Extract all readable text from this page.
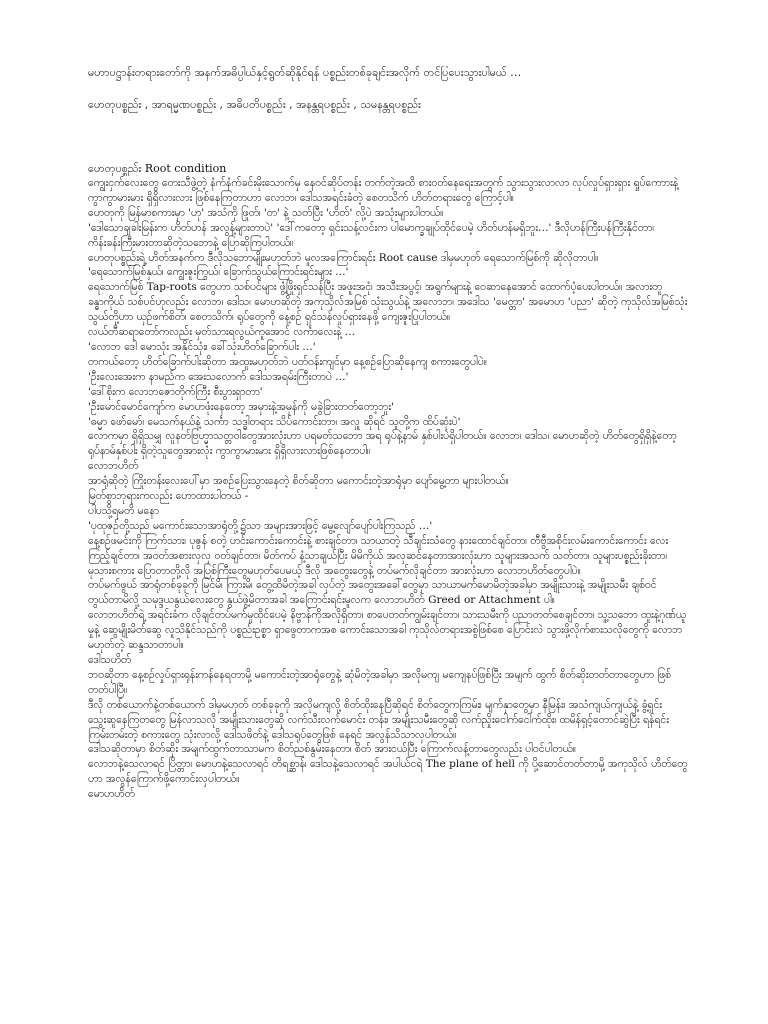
မဟာပဋ္ဌာန်းတရားတော်ကို အနက်အဓိပ္ပါယ်နှင့်ရွတ်ဆိုနိုင်ရန် ပစ္စည်းတစ်ခုချင်းအလိုက် တင်ပြပေးသွားပါမယ် …
ဟေတုပစ္စည်း , အာရမ္မဏပစ္စည်း , အဓိပတိပစ္စည်း , အနန္တရပစ္စည်း , သမနန္တရပစ္စည်း
ဟေတုပစ္စည်း Root condition
ကျွေးငှက်လေးတွေ တေးသီဖွဲ့တဲ့ နံက်နံက်ခင်းမိုးသောက်မှ နေဝင်ဆိုပ်တန်း တက်တဲ့အထိ စားဝတ်နေရေးအတွက် သွားသွားလာလာ လုပ်လှုပ်ရှားရှား ရှုပ်ကောားနဲ့ ကွာကွာမားမား ရှိရှိလားလား ဖြစ်နေကြတာဟာ လောဘ၊ ဒေါသအရင်းခံတဲ့ စေတသိက် ဟိတ်တရားတွေ ကြောင့်ပါ။
ဟေတုကို မြန်မာစကားမှာ 'ဟု' အသံကို ဖြုတ်၊ 'တ' နဲ့ သတ်ပြီး 'ဟိတ်' လို့ပဲ အသုံးများပါတယ်။
'ဒေါသောချခါးမြန်းက ဟိတ်ဟန် အလွန့်များတာပဲ' 'ဒေါ်ကတော့ ရှင်းသန့်လင်းက ပါမောက္ခချုပ်ထိုင်ပေမဲ့ ဟိတ်ဟန်မရှိဘူး…' ဒီလိုဟန်ကြီးပန်ကြီးနိုင်တာ၊ ကိန်းခန်းကြီးမားတာဆိုတဲ့သဘောနဲ့ ပြောဆိုကြပါတယ်။
ဟေတုပစ္စည်းရဲ့ ဟိတ်အနက်က ဒီလိုသဘောမျိုးမဟုတ်ဘဲ မူလအကြောင်းရင်း Root cause ဒါမှမဟုတ် ရေသောက်မြစ်ကို ဆိုလိုတာပါ။
'ရေသောက်မြစ်နှယ်၊ ကျွေးဇူးကြွယ်၊ ခြောက်သွယ်ကြောင်းရင်းများ …'
ရေသောက်မြစ် Tap-roots တွေဟာ သစ်ပင်များ ဖွံ့ဖြိုးရှင်သန်ပြီး အဖူးအငုံ၊ အသီးအပွင့်၊ အရွက်များနဲ့ ဝေဆာနေအောင် ထောက်ပံ့ပေးပါတယ်။ အလားတူ ခန္ဓာကိုယ် သစ်ပင်ဟုလည်း လောဘ၊ ဒေါသ၊ မောဟဆိုတဲ့ အကုသိုလ်အမြစ် သုံးသွယ်နဲ့ အလောဘ၊ အဒေါသ 'မေတ္တာ' အမောဟ 'ပညာ' ဆိုတဲ့ ကုသိုလ်အမြစ်သုံးသွယ်တို့ဟာ ယှဉ်ဖက်စိတ်၊ စေတသိက်၊ ရုပ်တွေကို နေ့စဉ် ရှင်သန်လှုပ်ရှားနေဖို့ ကျေးဇူးပြုပါတယ်။
လယ်တီဆရာတော်ကလည်း မှတ်သားရလွယ်ကူအောင် လင်္ကာလေးနဲ့ …
'လောဘ ဒေါ မောသုံး အနိုင်သုံး၊ ခေါ်သုံးဟိတ်ခြောက်ပါး …'
တကယ်တော့ ဟိတ်ခြောက်ပါးဆိုတာ အထူးမဟုတ်ဘဲ ပတ်ဝန်းကျင်မှာ နေ့စဉ်ပြောဆိုနေကျ စကားတွေပါပဲ။
'ဦးလေးအေးက နာမည်က အေးသလောက် ဒေါသအရမ်းကြီးတာပဲ …'
'ဒေါ်စိုးက လောဘဇောတိုက်ကြီး စီးပွားရှာတာ'
'ဦးမောင်မောင်ကျော်က မောဟဖုံးနေတော့ အမှားနဲ့အမှန်ကို မခွဲခြားတတ်တော့ဘူး'
'ဓမ္မာ ဖော်မော်၊ မေသက်နယ်နဲ့ သင်္ကာ သဒ္ဓါတရား သိပ်ကောင်းတာ၊ အလှူ ဆိုရင် သူတို့က ထိပ်ဆုံးပဲ'
လောကမှာ ရှိရှိသမျှ လူနတ်ဗြဟ္မာသတ္တဝါတွေအားလုံးဟာ ပရမတ်သဘော အရ ရုပ်နဲ့နာမ် နှစ်ပါးပဲရှိပါတယ်။ လောဘ၊ ဒေါသ၊ မောဟဆိုတဲ့ ဟိတ်တွေရှိရှိနဲ့တော့ ရုပ်နာမ်နှစ်ပါး ရှိတဲ့သူတွေအားလုံး ကွာကွာမားမား ရှိရှိလားလားဖြစ်နေတာပါ။
လောဘဟိတ်
အာရုံဆိုတဲ့ ကြိုးတန်းလေးပေါ်မှာ အစဉ်ပြေးသွားနေတဲ့ စိတ်ဆိုတာ မကောင်းတဲ့အာရုံမှာ ပျော်မွေ့တာ များပါတယ်။
မြတ်စွာဘုရားကလည်း ဟောထားပါတယ် -
ပါပသို့ရမတိ မနော
'ပုထုဇဉ်တို့သည် မကောင်းသောအာရုံတို့၌သာ အများအားဖြင့် မွေ့လျော်ပျော်ပါးကြသည် …'
နေ့စဉ်ဖမင်းကို ကြက်သား၊ ပုဇွန် စတဲ့ ဟင်းကောင်းကောင်းနဲ့ စားချင်တာ၊ သာယာတဲ့ သီချင်းသံတွေ နားထောင်ချင်တာ၊ တီဗွီအစိုင်းလမ်းကောင်းကောင်း လေးကြည့်ချင်တာ၊ အဝတ်အစားလှလှ ဝတ်ချင်တာ၊ မိတ်ကပ် နံ့သာချယ်ပြီး မိမိကိုယ် အလှဆင်နေတာအားလုံးဟာ သူများအသက် သတ်တာ၊ သူများပစ္စည်းခိုးတာ၊ မုသားစကား ပြောတာတို့လို အပြစ်ကြီးတွေမဟုတ်ပေမယ့် ဒီလို အတွေးတွေနဲ့ တပ်မက်လိုချင်တာ အားလုံးဟာ လောဘဟိတ်တွေပါပဲ။
တပ်မက်ဖွယ် အာရုံတစ်ခုခုကို မြင်မိ၊ ကြားမိ၊ တွေ့ထိမိတဲ့အခါ လုပ်တဲ့ အတွေးအခေါ်တွေမှာ သာယာမက်မောမိတဲ့အခါမှာ အမျိုးသားနဲ့ အမျိုးသမီး ချစ်ဝင် တွယ်တာမိလို့ သမုဒ္ဒယနွယ်လေးတွေ နွယ်ဖွဲ့မိတာအခါ အကြောင်းရင်းမူလက လောဘဟိတ် Greed or Attachment ပါ။
လောဘဟိတ်ရဲ့ အရင်းခံက လိုချင်တပ်မက်မှုထိုင်ပေမဲ့ နိဗ္ဗာန်ကိုအလိုရှိတာ၊ စာပေတတ်ကျွမ်းချင်တာ၊ သားသမီးကို ပညာတတ်စေချင်တာ၊ သူ့သဘော ထူးနဲ့ဂုဏ်ယူမှုနဲ့ ဆွေမျိုးမိတ်ဆွေ လူသိနိုင်သည်ကို ပစ္စည်းဥစ္စာ ရှာဖွေတာကအစ ကောင်းသောအခါ ကုသိုလ်တရားအစွဲဖြစ်စေ ပြောင်းလဲ သွားဖို့လိုက်စားသလိုတွေကို လောဘမဟုတ်တဲ့ ဆန္ဒသာတာပါ။
ဒေါသဟိတ်
ဘဝဆိုတာ နေ့စဉ်လှုပ်ရှားရုန်းကန်နေရတာမို့ မကောင်းတဲ့အာရုံတွေနဲ့ ဆုံမိတဲ့အခါမှာ အလိုမကျ မကျေနပ်ဖြစ်ပြီး အမျက် ထွက် စိတ်ဆိုးတတ်တာတွေဟာ ဖြစ်တတ်ပါပြီ။
ဒီလို တစ်ယောက်နဲ့တစ်ယောက် ဒါမှမဟုတ် တစ်ခုခုကို အလိုမကျလို့ စိတ်ထိုးနေပြီဆိုရင် စိတ်တွေကကြမ်း၊ မျက်နှာတွေမှာ နီမြန်း၊ အသံကျယ်ကျယ်နဲ့ ခွံ့ရှင်းသွေးဆူနေကြတတွေ မြန်လာသလို အမျိုးသားတွေဆို လက်သီးလက်မောင်း တန်း၊ အမျိုးသမီးတွေဆို လက်ညှိုးငေါက်ငေါက်ထိုး၊ ထမိန်ရှင့်တောင်ဆွဲပြီး ရန်ရင်းကြမ်းတမ်းတဲ့ စကားတွေ သုံးလာလို့ ဒေါသဖိတ်နဲ့ ဒေါသရုပ်တွေဖြစ် နေရင် အလွန်သိသာလှပါတယ်။
ဒေါသဆိုတာမှာ စိတ်ဆိုး အမျက်ထွက်တာသာမက စိတ်ညစ်နွမ်းနေတာ၊ စိတ် အားငယ်ပြီး ကြောက်လန့်တာတွေလည်း ပါဝင်ပါတယ်။
လောဘနဲ့သေလာရင် ပြိတ္တာ၊ မောဟနဲ့သေလာရင် တိရစ္ဆာန်၊ ဒေါသနဲ့သေလာရင် အပါယ်ငရဲ The plane of hell ကို ပို့ဆောင်တတ်တာမို့ အကုသိုလ် ဟိတ်တွေ ဟာ အလွန်ကြောက်ဖို့ကောင်းလှပါတယ်။
မောဟဟိတ်
